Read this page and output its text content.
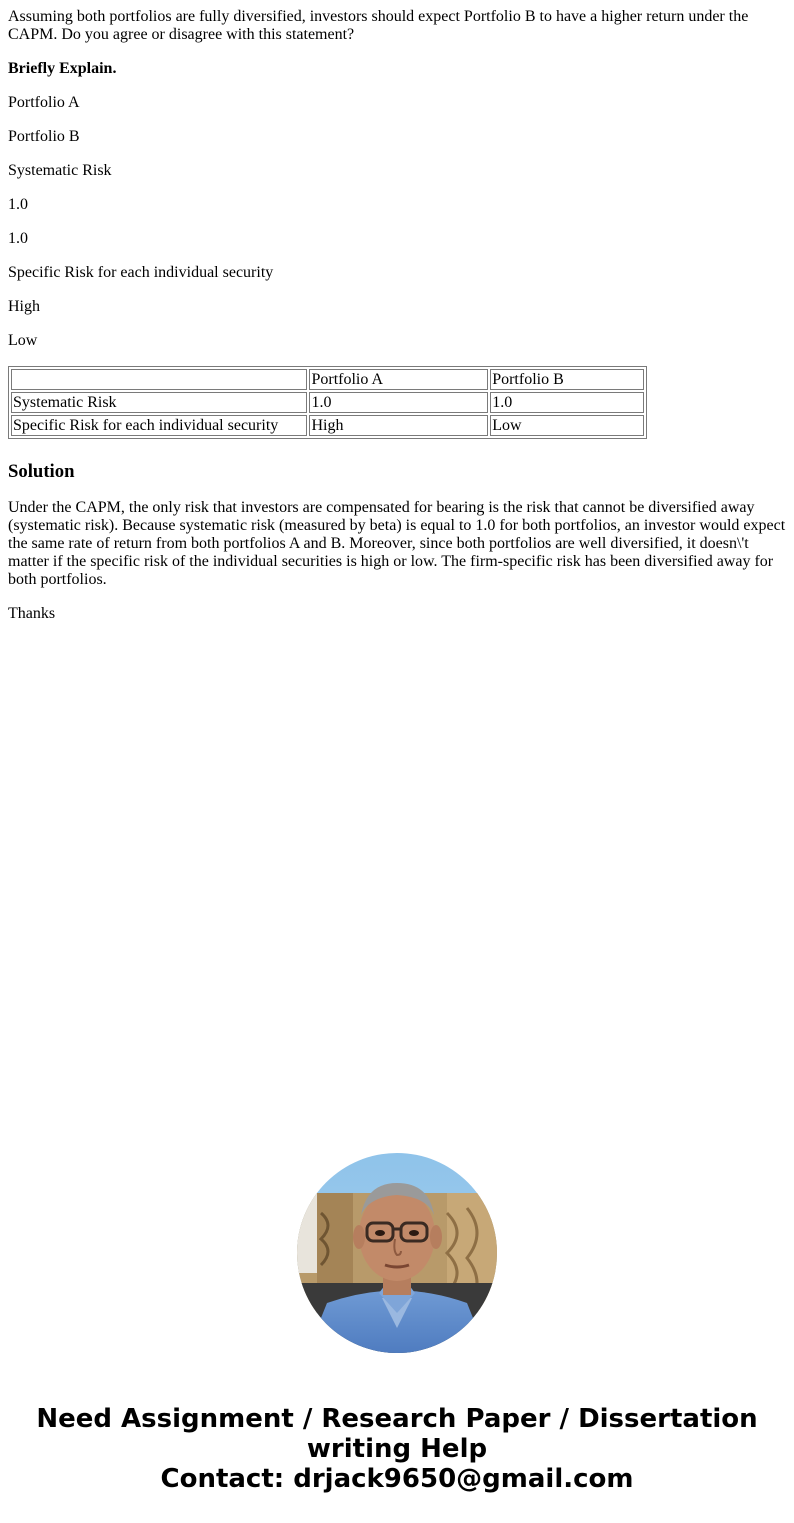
Assuming both portfolios are fully diversified, investors should expect Portfolio B to have a higher return under the CAPM. Do you agree or disagree with this statement?

Briefly Explain.

Portfolio A

Portfolio B

Systematic Risk

1.0

1.0

Specific Risk for each individual security

High

Low

	Portfolio A	Portfolio B
Systematic Risk	1.0	1.0
Specific Risk for each individual security	High	Low
Solution

Under the CAPM, the only risk that investors are compensated for bearing is the risk that cannot be diversified away (systematic risk). Because systematic risk (measured by beta) is equal to 1.0 for both portfolios, an investor would expect the same rate of return from both portfolios A and B. Moreover, since both portfolios are well diversified, it doesn\'t matter if the specific risk of the individual securities is high or low. The firm-specific risk has been diversified away for both portfolios.

Thanks

Need Assignment / Research Paper / Dissertation
writing Help
Contact: drjack9650@gmail.com
